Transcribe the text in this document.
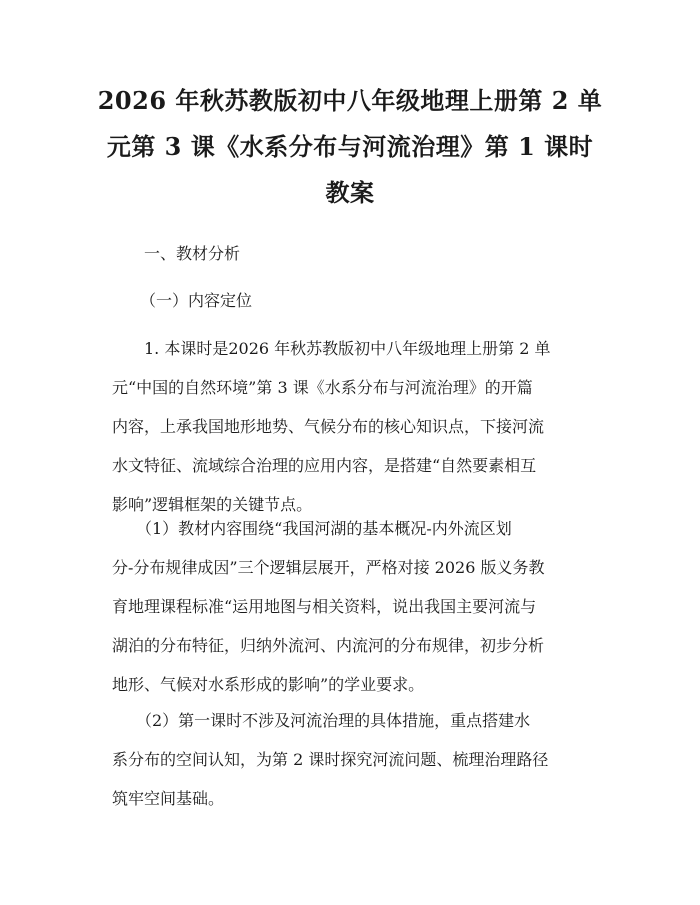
2026 年秋苏教版初中八年级地理上册第 2 单
元第 3 课《水系分布与河流治理》第 1 课时
教案
一、教材分析
（一）内容定位

1. 本课时是2026 年秋苏教版初中八年级地理上册第 2 单
元“中国的自然环境”第 3 课《水系分布与河流治理》的开篇
内容，上承我国地形地势、气候分布的核心知识点，下接河流
水文特征、流域综合治理的应用内容，是搭建“自然要素相互
影响”逻辑框架的关键节点。

（1）教材内容围绕“我国河湖的基本概况-内外流区划
分-分布规律成因”三个逻辑层展开，严格对接 2026 版义务教
育地理课程标准“运用地图与相关资料，说出我国主要河流与
湖泊的分布特征，归纳外流河、内流河的分布规律，初步分析
地形、气候对水系形成的影响”的学业要求。

（2）第一课时不涉及河流治理的具体措施，重点搭建水
系分布的空间认知，为第 2 课时探究河流问题、梳理治理路径
筑牢空间基础。
